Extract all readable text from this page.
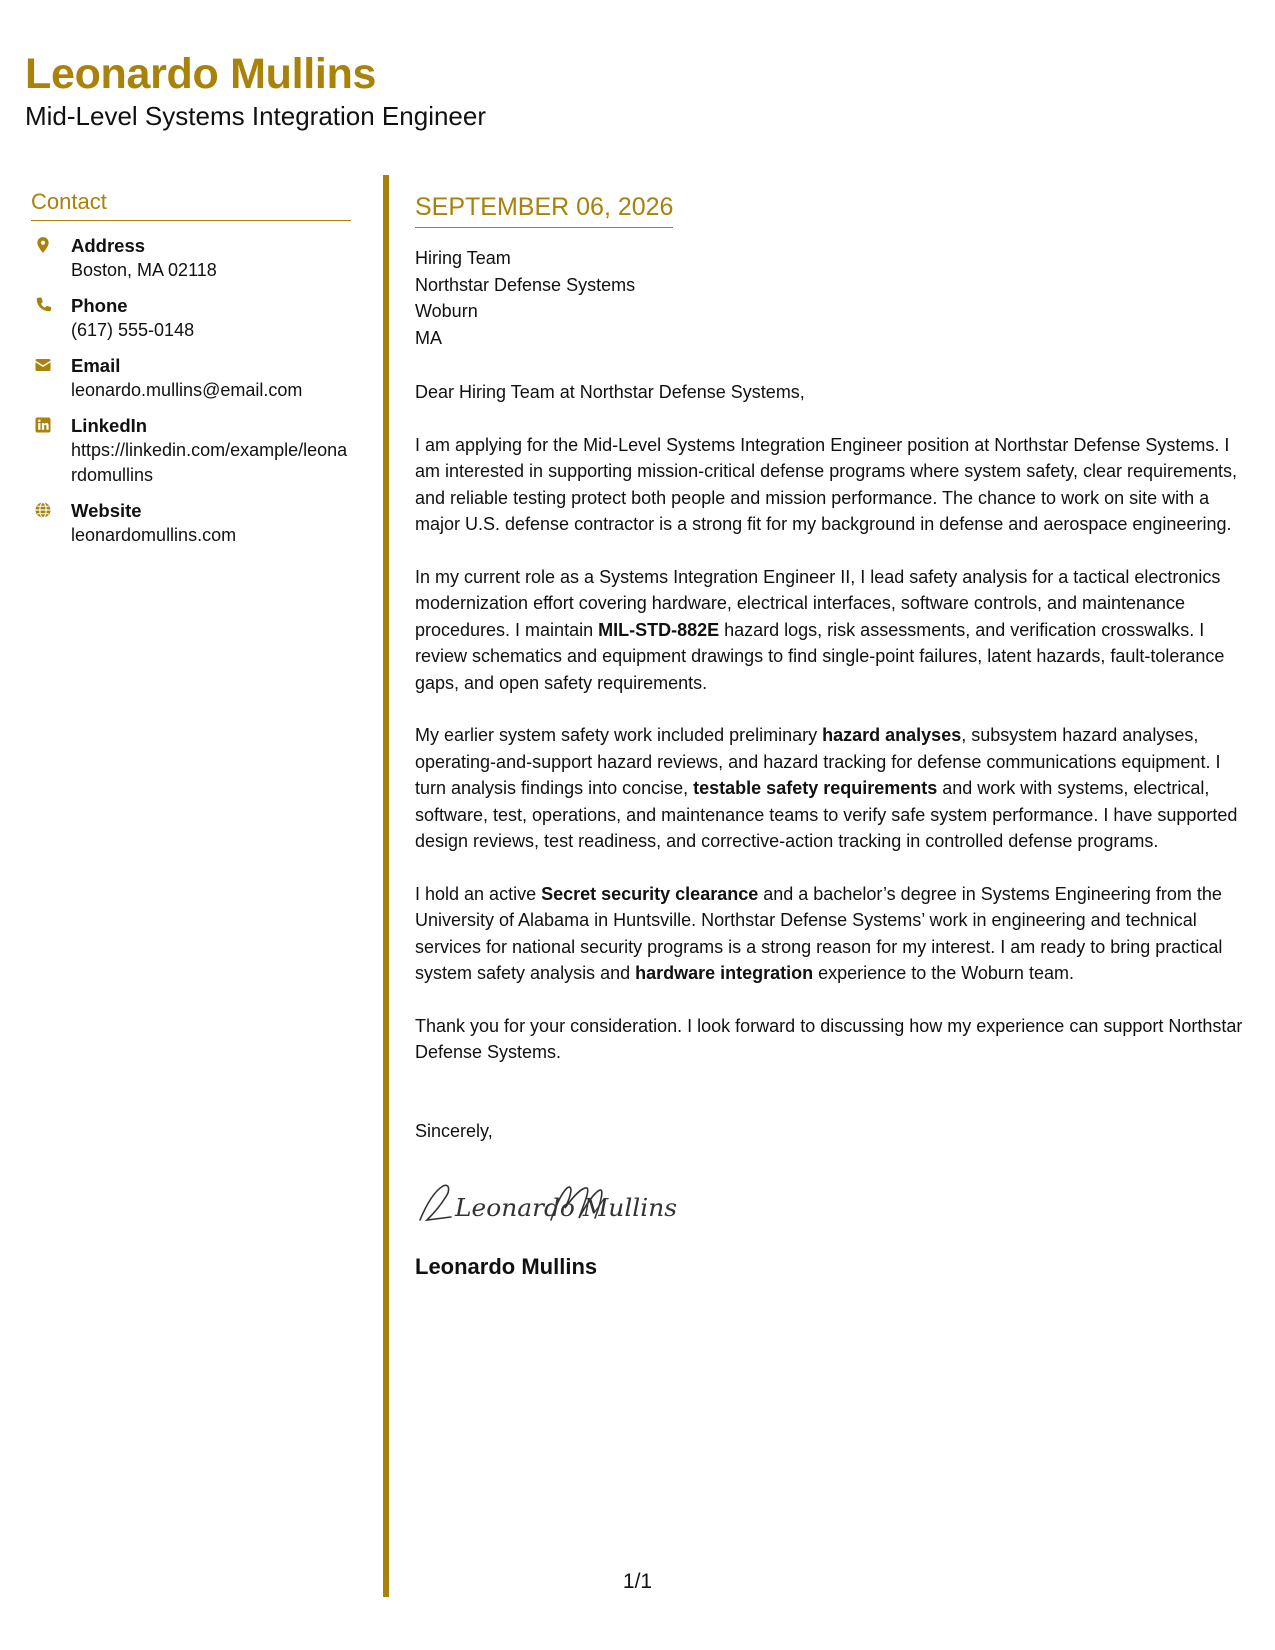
Leonardo Mullins
Mid-Level Systems Integration Engineer
Contact
Address
Boston, MA 02118
Phone
(617) 555-0148
Email
leonardo.mullins@email.com
LinkedIn
https://linkedin.com/example/leonardomullins
Website
leonardomullins.com
SEPTEMBER 06, 2026
Hiring Team
Northstar Defense Systems
Woburn
MA
Dear Hiring Team at Northstar Defense Systems,

I am applying for the Mid-Level Systems Integration Engineer position at Northstar Defense Systems. I am interested in supporting mission-critical defense programs where system safety, clear requirements, and reliable testing protect both people and mission performance. The chance to work on site with a major U.S. defense contractor is a strong fit for my background in defense and aerospace engineering.

In my current role as a Systems Integration Engineer II, I lead safety analysis for a tactical electronics modernization effort covering hardware, electrical interfaces, software controls, and maintenance procedures. I maintain MIL-STD-882E hazard logs, risk assessments, and verification crosswalks. I review schematics and equipment drawings to find single-point failures, latent hazards, fault-tolerance gaps, and open safety requirements.

My earlier system safety work included preliminary hazard analyses, subsystem hazard analyses, operating-and-support hazard reviews, and hazard tracking for defense communications equipment. I turn analysis findings into concise, testable safety requirements and work with systems, electrical, software, test, operations, and maintenance teams to verify safe system performance. I have supported design reviews, test readiness, and corrective-action tracking in controlled defense programs.

I hold an active Secret security clearance and a bachelor’s degree in Systems Engineering from the University of Alabama in Huntsville. Northstar Defense Systems’ work in engineering and technical services for national security programs is a strong reason for my interest. I am ready to bring practical system safety analysis and hardware integration experience to the Woburn team.

Thank you for your consideration. I look forward to discussing how my experience can support Northstar Defense Systems.

Sincerely,
Leonardo Mullins
Leonardo Mullins
1/1
